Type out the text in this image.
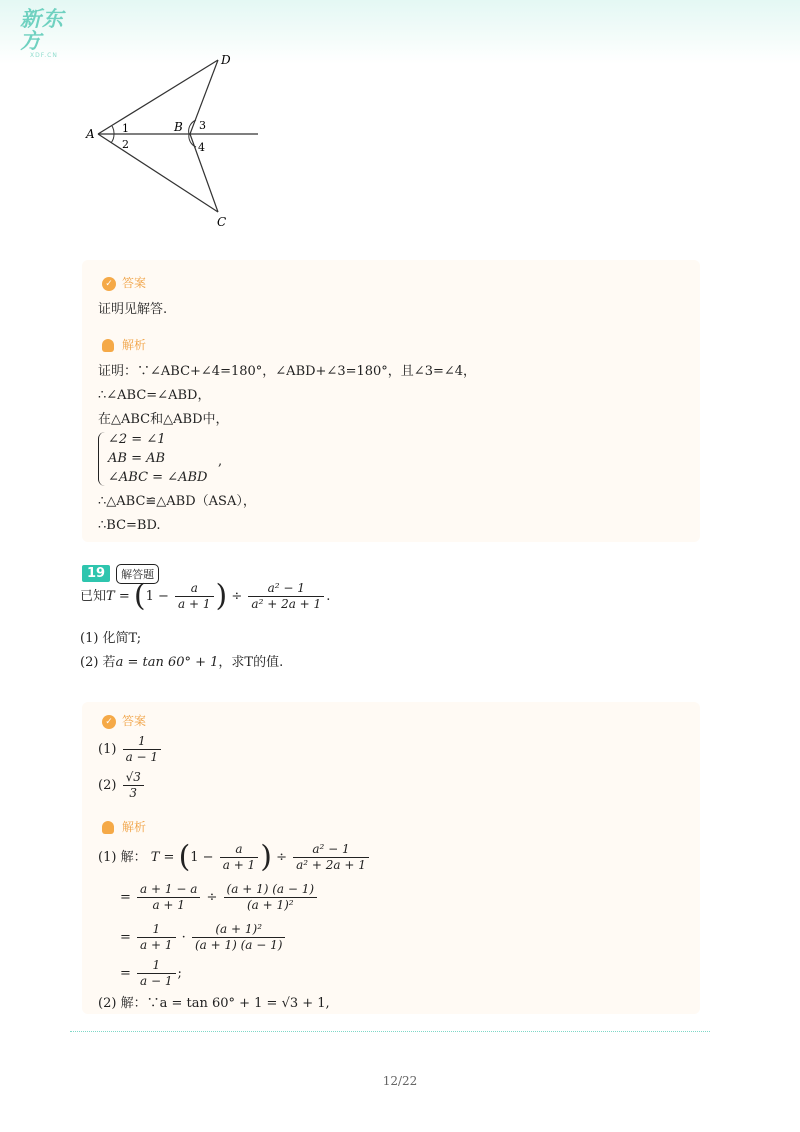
新东方
XDF.CN
A	B
D
C
1
2
3
4
✓ 答案
证明见解答.
解析
证明：∵∠ABC+∠4=180°，∠ABD+∠3=180°，且∠3=∠4，
∴∠ABC=∠ABD，
在△ABC和△ABD中，
∠2 = ∠1
AB = AB
∠ABC = ∠ABD
,
∴△ABC≌△ABD（ASA），
∴BC=BD.
19 解答题
已知$T = (1 - \frac{a}{a + 1}$ ) ÷ $\frac{\text{a² − 1}}{\text{a² + 2a + 1}}$ .
(1) 化简T;
(2) 若a = tan 60° + 1，求T的值.
✓ 答案
$(1) \frac{1}{a - 1}$
$(2) \frac{√3}{3}$
解析
(1) 解： $T = (1 - \frac{a}{a + 1}$ ) ÷ $\frac{\text{a² − 1}}{\text{a² + 2a + 1}}$
= $\frac{a + 1 - a}{a + 1} \div \frac{(a + 1) (a - 1)}{\text{(a + 1)²}}$
= $\frac{1}{a + 1} \cdot \frac{\text{(a + 1)²}}{(a + 1) (a - 1)}$
= $\frac{1}{a - 1}$ ;
(2) 解：∵a = tan 60° + 1 = √3 + 1,
12/22
